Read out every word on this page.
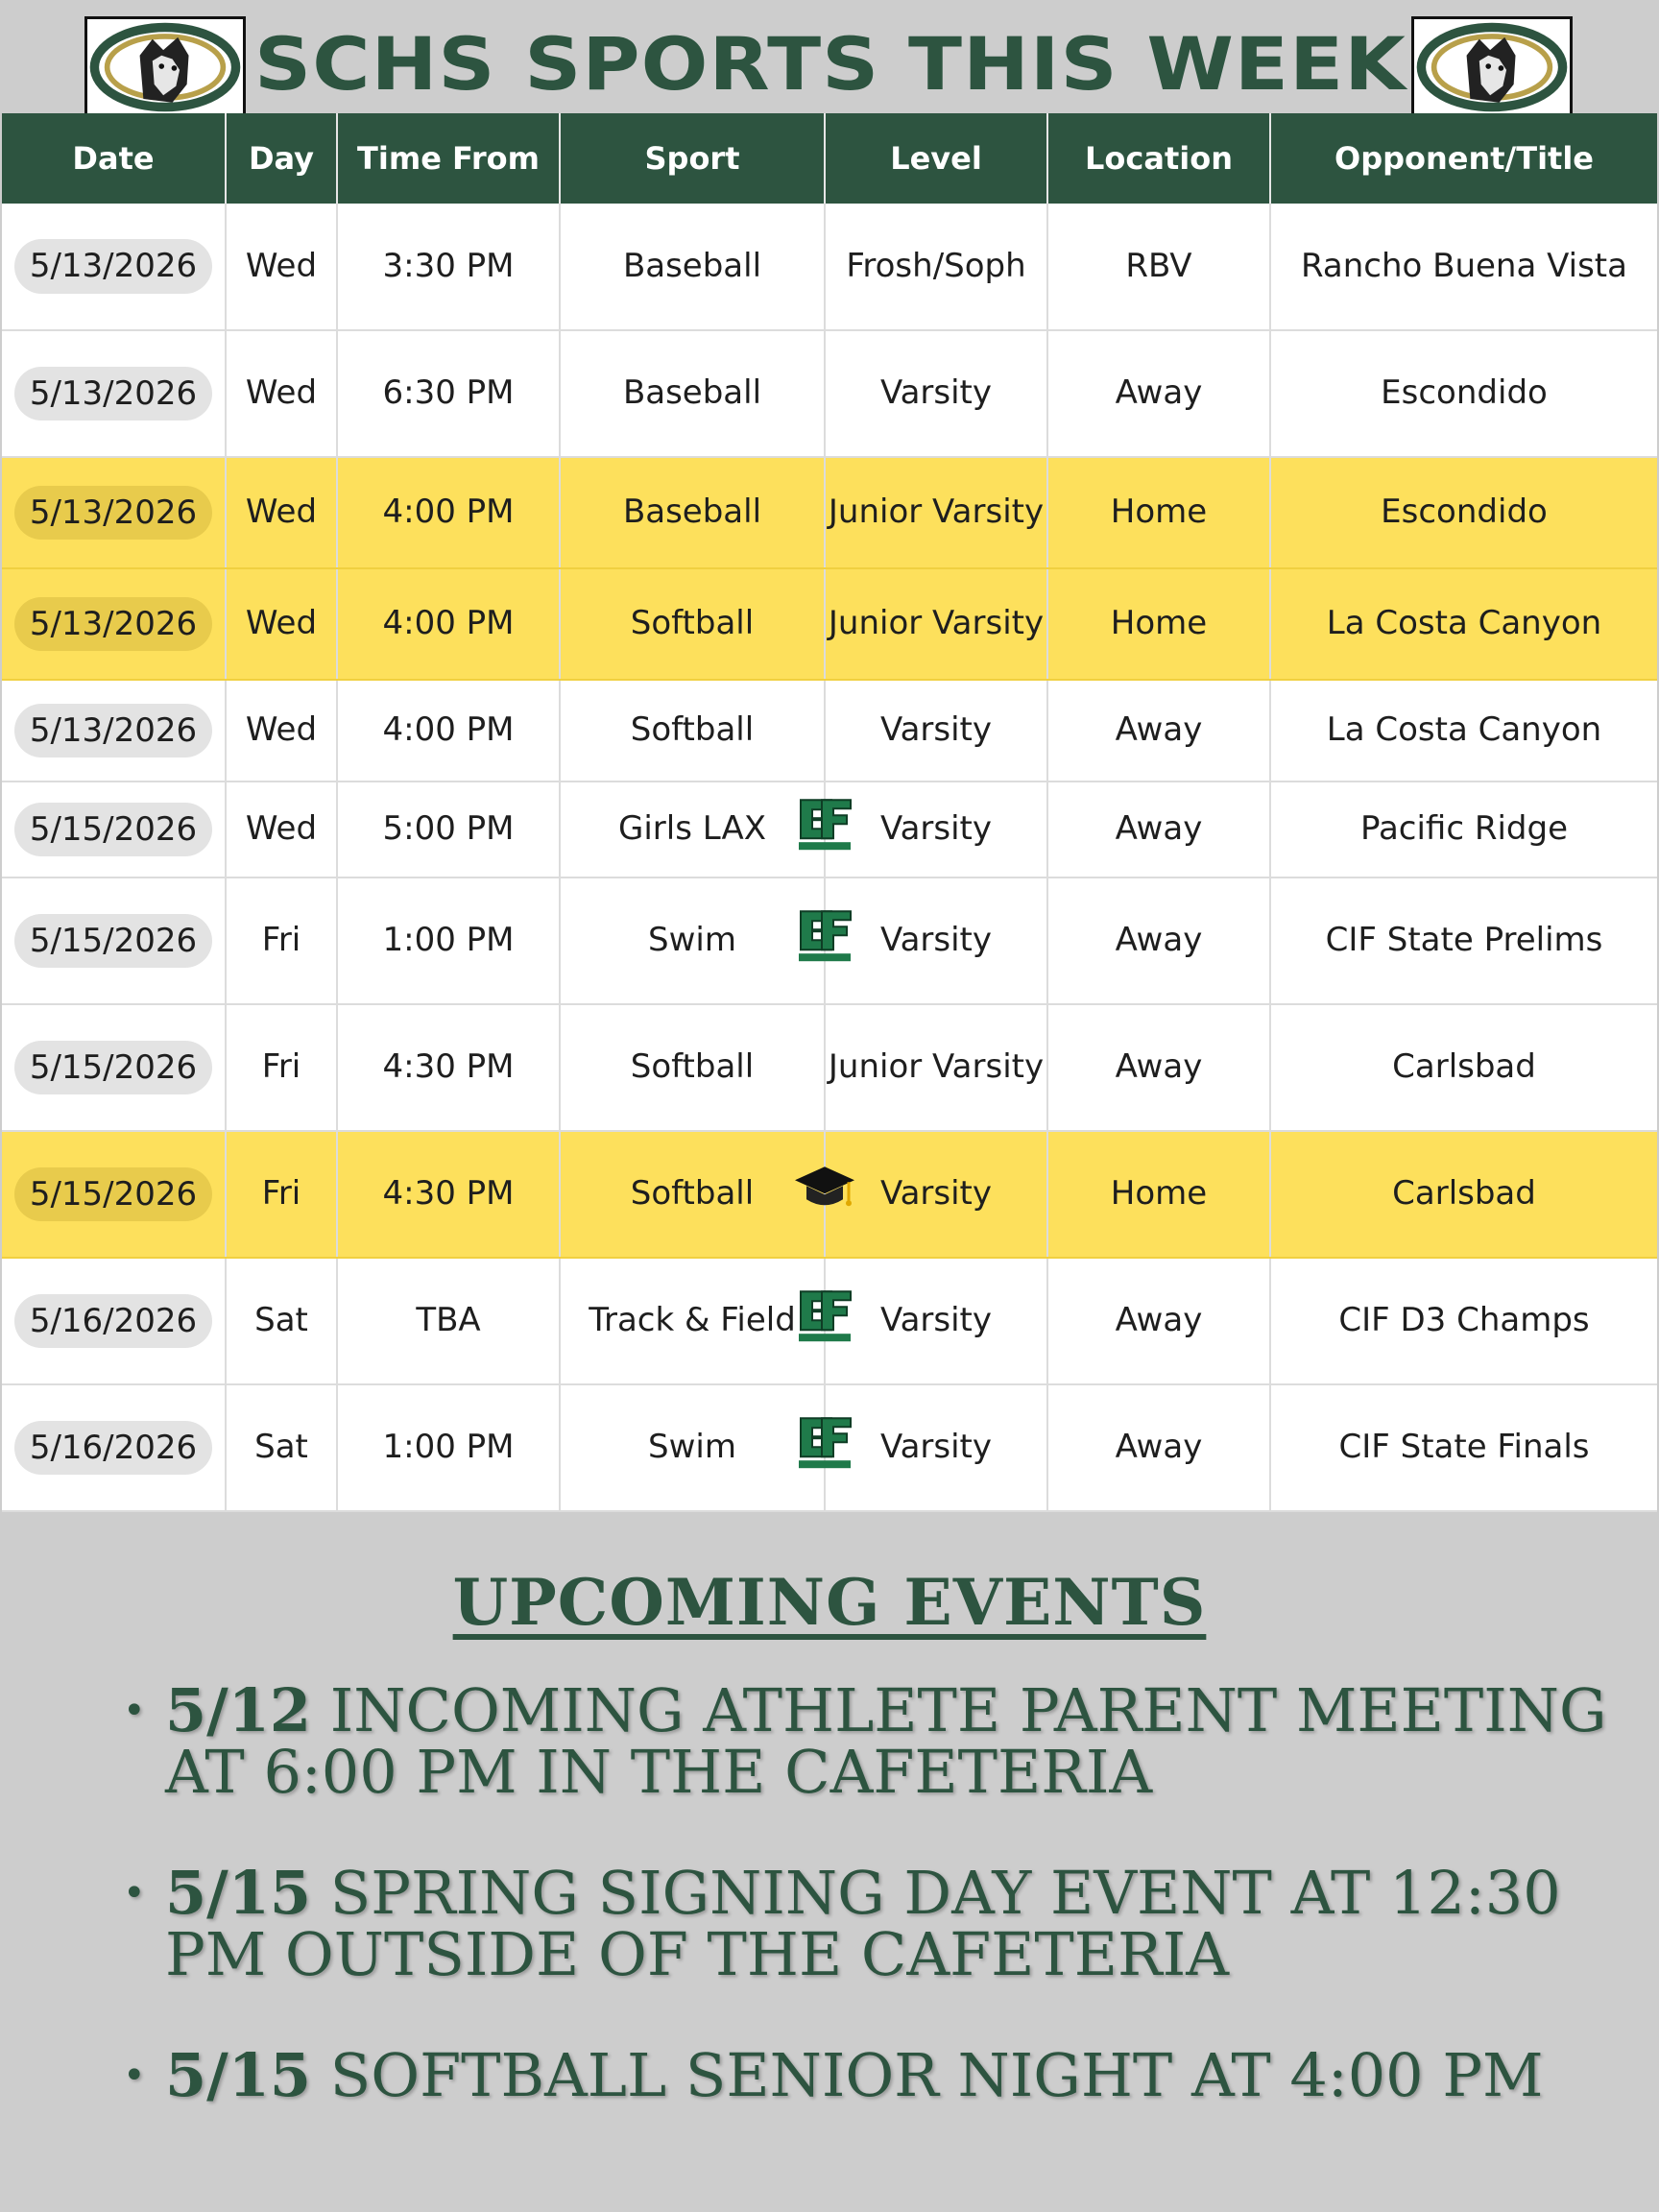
SCHS SPORTS THIS WEEK
Date	Day	Time From	Sport	Level	Location	Opponent/Title
5/13/2026	Wed	3:30 PM	Baseball	Frosh/Soph	RBV	Rancho Buena Vista
5/13/2026	Wed	6:30 PM	Baseball	Varsity	Away	Escondido
5/13/2026	Wed	4:00 PM	Baseball	Junior Varsity	Home	Escondido
5/13/2026	Wed	4:00 PM	Softball	Junior Varsity	Home	La Costa Canyon
5/13/2026	Wed	4:00 PM	Softball	Varsity	Away	La Costa Canyon
5/15/2026	Wed	5:00 PM	Girls LAX	Varsity	Away	Pacific Ridge
5/15/2026	Fri	1:00 PM	Swim	Varsity	Away	CIF State Prelims
5/15/2026	Fri	4:30 PM	Softball	Junior Varsity	Away	Carlsbad
5/15/2026	Fri	4:30 PM	Softball	Varsity	Home	Carlsbad
5/16/2026	Sat	TBA	Track & Field	Varsity	Away	CIF D3 Champs
5/16/2026	Sat	1:00 PM	Swim	Varsity	Away	CIF State Finals
UPCOMING EVENTS
• 5/12 INCOMING ATHLETE PARENT MEETING AT 6:00 PM IN THE CAFETERIA
• 5/15 SPRING SIGNING DAY EVENT AT 12:30 PM OUTSIDE OF THE CAFETERIA
• 5/15 SOFTBALL SENIOR NIGHT AT 4:00 PM
